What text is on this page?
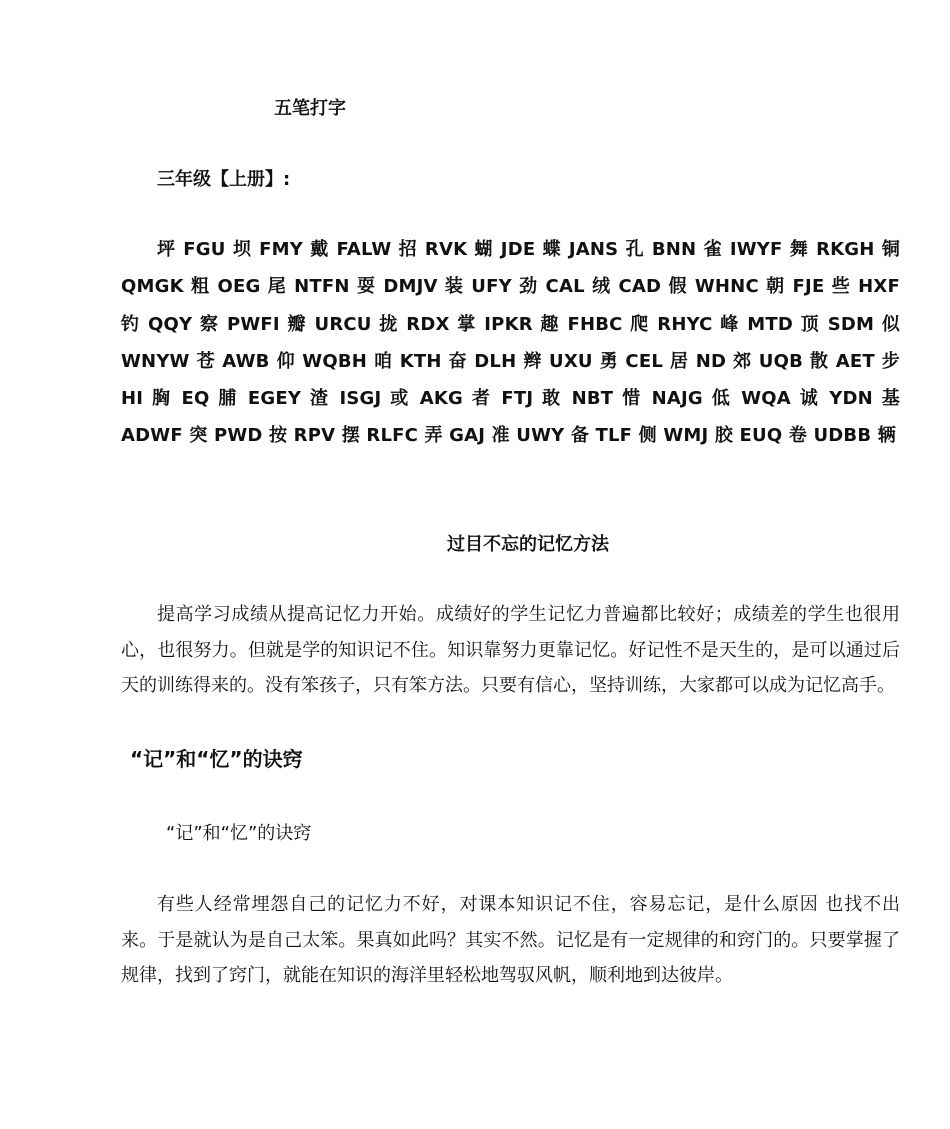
五笔打字
三年级【上册】:

坪 FGU 坝 FMY 戴 FALW 招 RVK 蝴 JDE 蝶 JANS 孔 BNN 雀 IWYF 舞 RKGH 铜 QMGK 粗 OEG 尾 NTFN 耍 DMJV 装 UFY 劲 CAL 绒 CAD 假 WHNC 朝 FJE 些 HXF 钓 QQY 察 PWFI 瓣 URCU 拢 RDX 掌 IPKR 趣 FHBC 爬 RHYC 峰 MTD 顶 SDM 似 WNYW 苍 AWB 仰 WQBH 咱 KTH 奋 DLH 辫 UXU 勇 CEL 居 ND 郊 UQB 散 AET 步 HI 胸 EQ 脯 EGEY 渣 ISGJ 或 AKG 者 FTJ 敢 NBT 惜 NAJG 低 WQA 诚 YDN 基 ADWF 突 PWD 按 RPV 摆 RLFC 弄 GAJ 准 UWY 备 TLF 侧 WMJ 胶 EUQ 卷 UDBB 辆

过目不忘的记忆方法

提高学习成绩从提高记忆力开始。成绩好的学生记忆力普遍都比较好；成绩差的学生也很用心，也很努力。但就是学的知识记不住。知识靠努力更靠记忆。好记性不是天生的，是可以通过后天的训练得来的。没有笨孩子，只有笨方法。只要有信心，坚持训练，大家都可以成为记忆高手。

“记”和“忆”的诀窍
“记”和“忆”的诀窍

有些人经常埋怨自己的记忆力不好，对课本知识记不住，容易忘记，是什么原因 也找不出来。于是就认为是自己太笨。果真如此吗？其实不然。记忆是有一定规律的和窍门的。只要掌握了规律，找到了窍门，就能在知识的海洋里轻松地驾驭风帆，顺利地到达彼岸。
